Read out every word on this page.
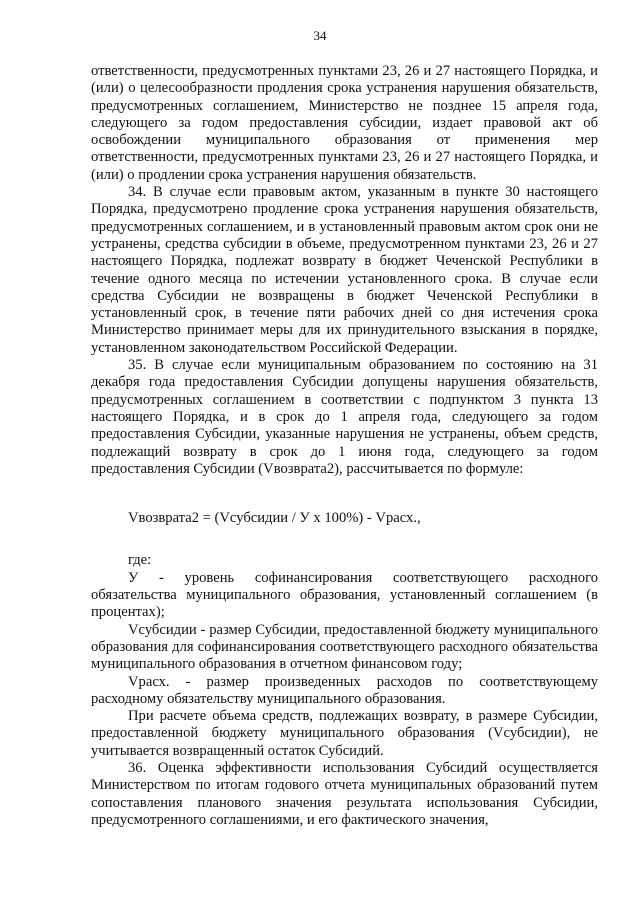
34

ответственности, предусмотренных пунктами 23, 26 и 27 настоящего Порядка, и (или) о целесообразности продления срока устранения нарушения обязательств, предусмотренных соглашением, Министерство не позднее 15 апреля года, следующего за годом предоставления субсидии, издает правовой акт об освобождении муниципального образования от применения мер ответственности, предусмотренных пунктами 23, 26 и 27 настоящего Порядка, и (или) о продлении срока устранения нарушения обязательств.

34. В случае если правовым актом, указанным в пункте 30 настоящего Порядка, предусмотрено продление срока устранения нарушения обязательств, предусмотренных соглашением, и в установленный правовым актом срок они не устранены, средства субсидии в объеме, предусмотренном пунктами 23, 26 и 27 настоящего Порядка, подлежат возврату в бюджет Чеченской Республики в течение одного месяца по истечении установленного срока. В случае если средства Субсидии не возвращены в бюджет Чеченской Республики в установленный срок, в течение пяти рабочих дней со дня истечения срока Министерство принимает меры для их принудительного взыскания в порядке, установленном законодательством Российской Федерации.

35. В случае если муниципальным образованием по состоянию на 31 декабря года предоставления Субсидии допущены нарушения обязательств, предусмотренных соглашением в соответствии с подпунктом 3 пункта 13 настоящего Порядка, и в срок до 1 апреля года, следующего за годом предоставления Субсидии, указанные нарушения не устранены, объем средств, подлежащий возврату в срок до 1 июня года, следующего за годом предоставления Субсидии (Vвозврата2), рассчитывается по формуле:

Vвозврата2 = (Vсубсидии / У x 100%) - Vрасх.,

где:

У - уровень софинансирования соответствующего расходного обязательства муниципального образования, установленный соглашением (в процентах);

Vсубсидии - размер Субсидии, предоставленной бюджету муниципального образования для софинансирования соответствующего расходного обязательства муниципального образования в отчетном финансовом году;

Vрасх. - размер произведенных расходов по соответствующему расходному обязательству муниципального образования.

При расчете объема средств, подлежащих возврату, в размере Субсидии, предоставленной бюджету муниципального образования (Vсубсидии), не учитывается возвращенный остаток Субсидий.

36. Оценка эффективности использования Субсидий осуществляется Министерством по итогам годового отчета муниципальных образований путем сопоставления планового значения результата использования Субсидии, предусмотренного соглашениями, и его фактического значения,
